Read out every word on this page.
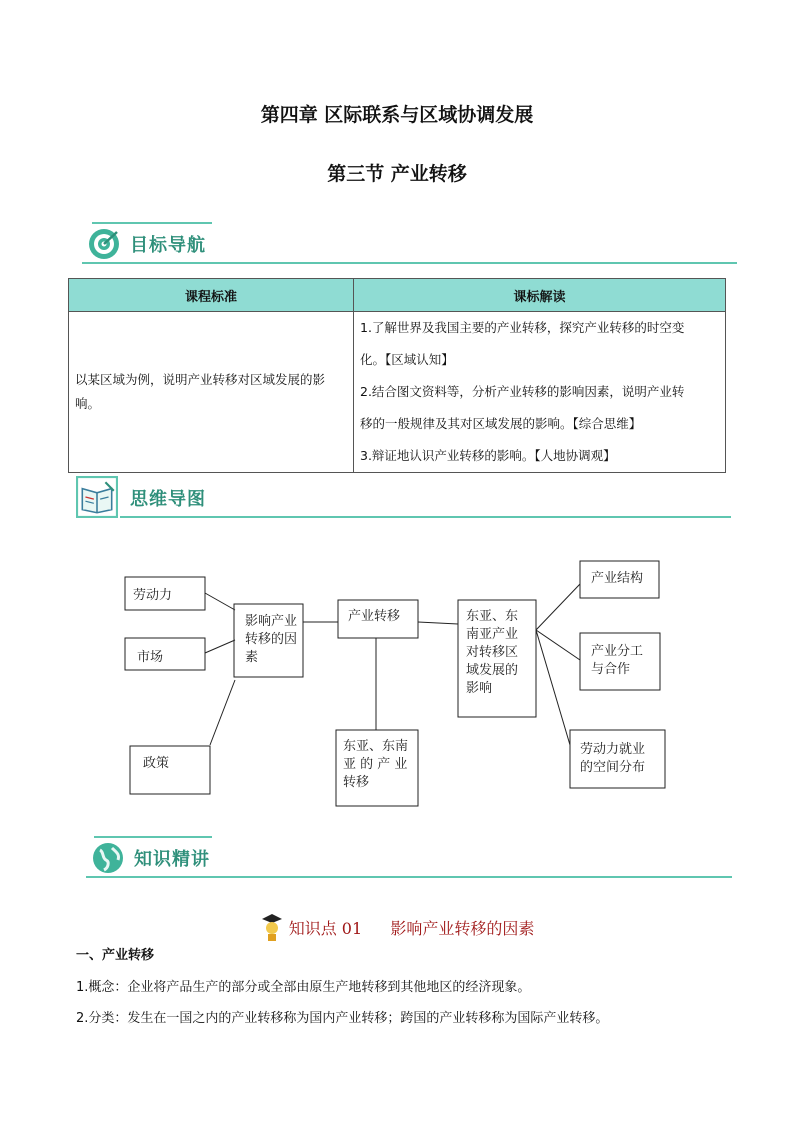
第四章 区际联系与区域协调发展
第三节 产业转移
目标导航
课程标准	课标解读
以某区域为例，说明产业转移对区域发展的影响。	1.了解世界及我国主要的产业转移，探究产业转移的时空变
化。【区域认知】
2.结合图文资料等，分析产业转移的影响因素，说明产业转
移的一般规律及其对区域发展的影响。【综合思维】
3.辩证地认识产业转移的影响。【人地协调观】
思维导图
劳动力
市场
政策
影响产业
转移的因
素
产业转移
东亚、东南
亚 的 产 业
转移
东亚、东
南亚产业
对转移区
域发展的
影响
产业结构
产业分工
与合作
劳动力就业
的空间分布
知识精讲
知识点 01 影响产业转移的因素
一、产业转移
1.概念：企业将产品生产的部分或全部由原生产地转移到其他地区的经济现象。
2.分类：发生在一国之内的产业转移称为国内产业转移；跨国的产业转移称为国际产业转移。
